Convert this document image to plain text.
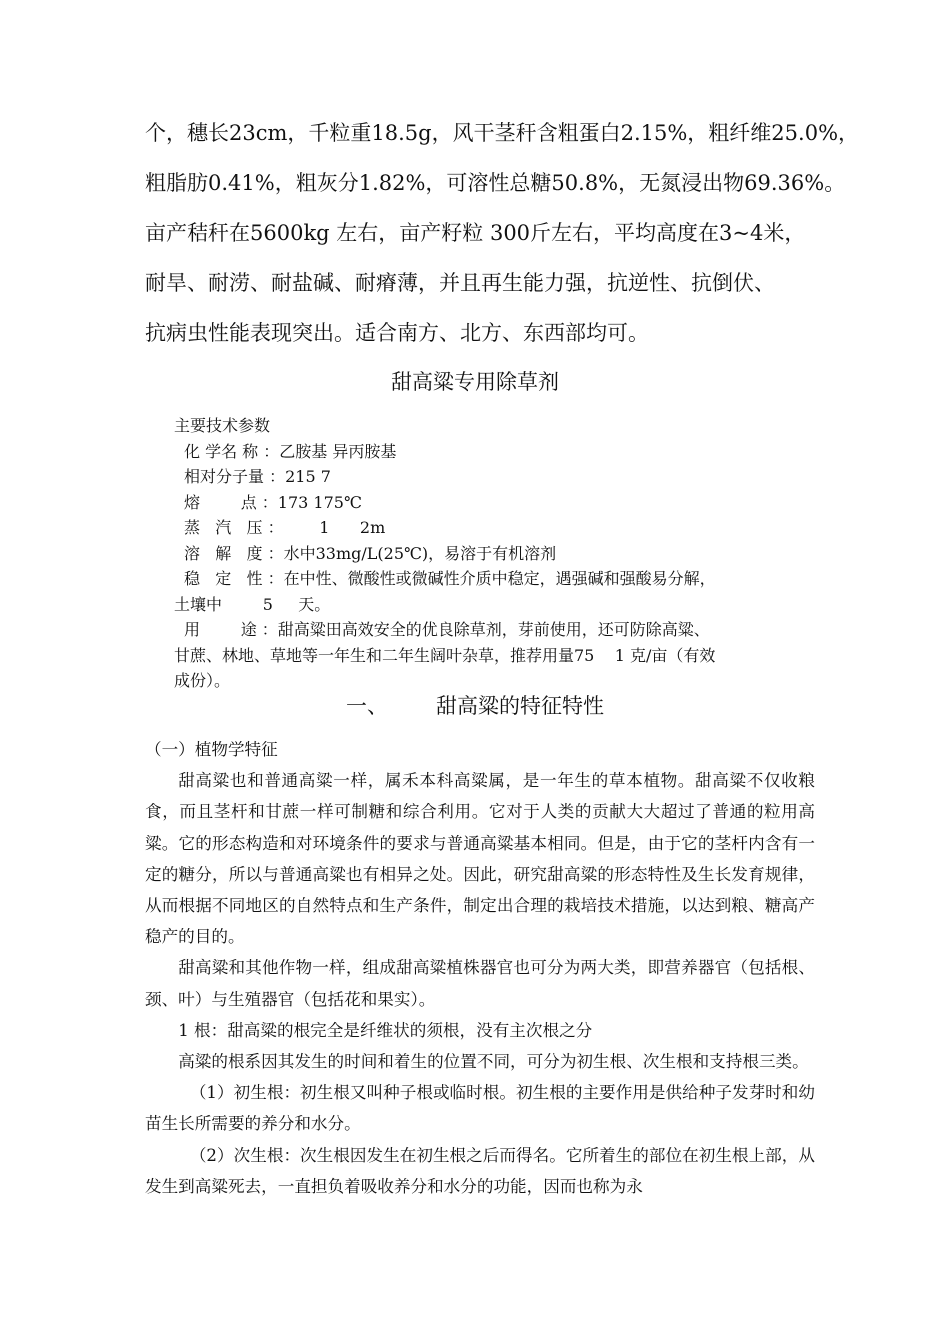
个，穗长23cm，千粒重18.5g，风干茎秆含粗蛋白2.15%，粗纤维25.0%，

粗脂肪0.41%，粗灰分1.82%，可溶性总糖50.8%，无氮浸出物69.36%。

亩产秸秆在5600kg 左右，亩产籽粒 300斤左右，平均高度在3~4米，

耐旱、耐涝、耐盐碱、耐瘠薄，并且再生能力强，抗逆性、抗倒伏、

抗病虫性能表现突出。适合南方、北方、东西部均可。

甜高粱专用除草剂
主要技术参数
化 学名 称 ：乙胺基 异丙胺基
相对分子量 ：215 7
熔        点 ：173 175℃
蒸   汽   压 ：       1      2m
溶   解   度 ：水中33mg/L(25℃)，易溶于有机溶剂
稳   定   性 ：在中性、微酸性或微碱性介质中稳定，遇强碱和强酸易分解，
土壤中        5     天。
用        途 ：甜高粱田高效安全的优良除草剂，芽前使用，还可防除高粱、
甘蔗、林地、草地等一年生和二年生阔叶杂草，推荐用量75    1 克/亩（有效
成份）。
一、 甜高粱的特征特性

（一）植物学特征

甜高粱也和普通高粱一样，属禾本科高粱属，是一年生的草本植物。甜高粱不仅收粮食，而且茎杆和甘蔗一样可制糖和综合利用。它对于人类的贡献大大超过了普通的粒用高粱。它的形态构造和对环境条件的要求与普通高粱基本相同。但是，由于它的茎杆内含有一定的糖分，所以与普通高粱也有相异之处。因此，研究甜高粱的形态特性及生长发育规律，从而根据不同地区的自然特点和生产条件，制定出合理的栽培技术措施，以达到粮、糖高产稳产的目的。

甜高粱和其他作物一样，组成甜高粱植株器官也可分为两大类，即营养器官（包括根、颈、叶）与生殖器官（包括花和果实）。

1 根：甜高粱的根完全是纤维状的须根，没有主次根之分

高粱的根系因其发生的时间和着生的位置不同，可分为初生根、次生根和支持根三类。

（1）初生根：初生根又叫种子根或临时根。初生根的主要作用是供给种子发芽时和幼苗生长所需要的养分和水分。

（2）次生根：次生根因发生在初生根之后而得名。它所着生的部位在初生根上部，从发生到高粱死去，一直担负着吸收养分和水分的功能，因而也称为永
